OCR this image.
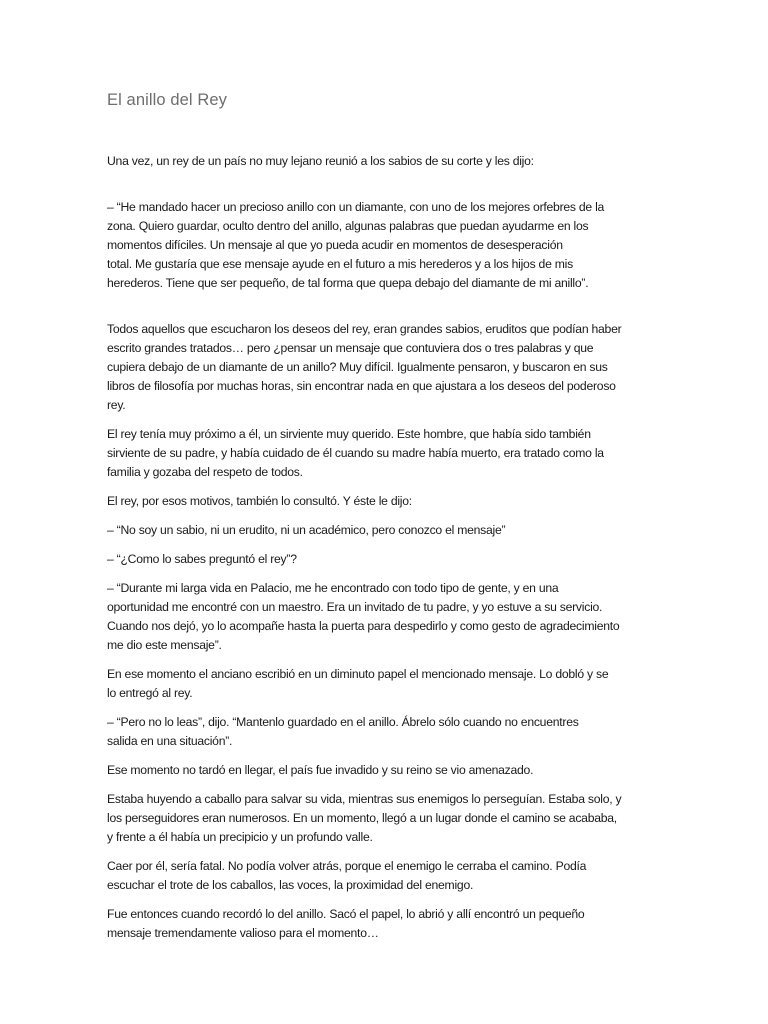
El anillo del Rey

Una vez, un rey de un país no muy lejano reunió a los sabios de su corte y les dijo:

– “He mandado hacer un precioso anillo con un diamante, con uno de los mejores orfebres de la
zona. Quiero guardar, oculto dentro del anillo, algunas palabras que puedan ayudarme en los
momentos difíciles. Un mensaje al que yo pueda acudir en momentos de desesperación
total. Me gustaría que ese mensaje ayude en el futuro a mis herederos y a los hijos de mis
herederos. Tiene que ser pequeño, de tal forma que quepa debajo del diamante de mi anillo”.

Todos aquellos que escucharon los deseos del rey, eran grandes sabios, eruditos que podían haber
escrito grandes tratados… pero ¿pensar un mensaje que contuviera dos o tres palabras y que
cupiera debajo de un diamante de un anillo? Muy difícil. Igualmente pensaron, y buscaron en sus
libros de filosofía por muchas horas, sin encontrar nada en que ajustara a los deseos del poderoso
rey.

El rey tenía muy próximo a él, un sirviente muy querido. Este hombre, que había sido también
sirviente de su padre, y había cuidado de él cuando su madre había muerto, era tratado como la
familia y gozaba del respeto de todos.

El rey, por esos motivos, también lo consultó. Y éste le dijo:

– “No soy un sabio, ni un erudito, ni un académico, pero conozco el mensaje”

– “¿Como lo sabes preguntó el rey”?

– “Durante mi larga vida en Palacio, me he encontrado con todo tipo de gente, y en una
oportunidad me encontré con un maestro. Era un invitado de tu padre, y yo estuve a su servicio.
Cuando nos dejó, yo lo acompañe hasta la puerta para despedirlo y como gesto de agradecimiento
me dio este mensaje”.

En ese momento el anciano escribió en un diminuto papel el mencionado mensaje. Lo dobló y se
lo entregó al rey.

– “Pero no lo leas”, dijo. “Mantenlo guardado en el anillo. Ábrelo sólo cuando no encuentres
salida en una situación”.

Ese momento no tardó en llegar, el país fue invadido y su reino se vio amenazado.

Estaba huyendo a caballo para salvar su vida, mientras sus enemigos lo perseguían. Estaba solo, y
los perseguidores eran numerosos. En un momento, llegó a un lugar donde el camino se acababa,
y frente a él había un precipicio y un profundo valle.

Caer por él, sería fatal. No podía volver atrás, porque el enemigo le cerraba el camino. Podía
escuchar el trote de los caballos, las voces, la proximidad del enemigo.

Fue entonces cuando recordó lo del anillo. Sacó el papel, lo abrió y allí encontró un pequeño
mensaje tremendamente valioso para el momento…
